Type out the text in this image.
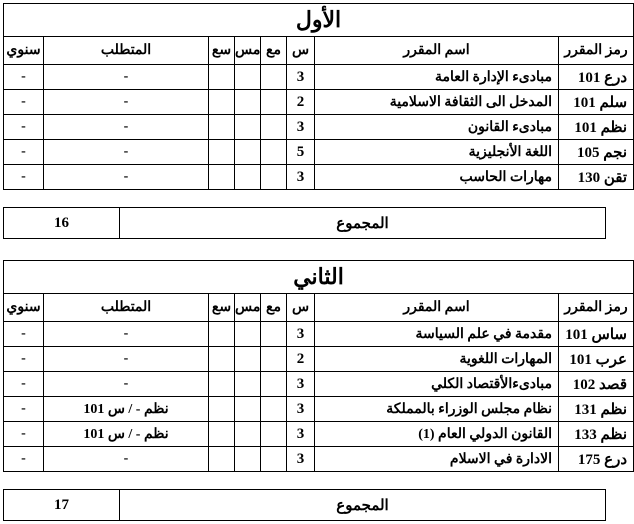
الأول							
سنوي	المتطلب	سع	مس	مع	س	اسم المقرر	رمز المقرر
-	-				3	مبادىء الإدارة العامة	101 درع
-	-				2	المدخل الى الثقافة الاسلامية	101 سلم
-	-				3	مبادىء القانون	101 نظم
-	-				5	اللغة الأنجليزية	105 نجم
-	-				3	مهارات الحاسب	130 تقن
16	المجموع
الثاني							
سنوي	المتطلب	سع	مس	مع	س	اسم المقرر	رمز المقرر
-	-				3	مقدمة في علم السياسة	101 ساس
-	-				2	المهارات اللغوية	101 عرب
-	-				3	مبادىءالأقتصاد الكلي	102 قصد
-	101 نظم - / س				3	نظام مجلس الوزراء بالمملكة	131 نظم
-	101 نظم - / س				3	القانون الدولي العام (1)	133 نظم
-	-				3	الادارة في الاسلام	175 درع
17	المجموع
